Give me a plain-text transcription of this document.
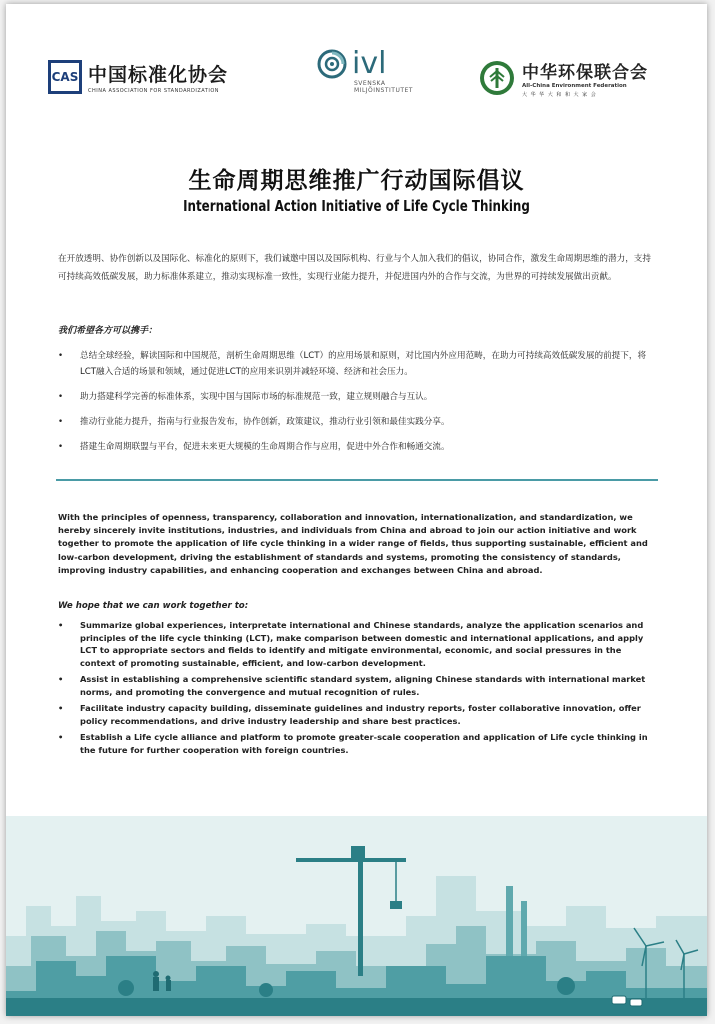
CAS 中国标准化协会
CHINA ASSOCIATION FOR STANDARDIZATION
ivl
SVENSKA
MILJÖINSTITUTET
中华环保联合会
All-China Environment Federation
大 华 华 大 和 和 大 家 会
生命周期思维推广行动国际倡议
International Action Initiative of Life Cycle Thinking
在开放透明、协作创新以及国际化、标准化的原则下，我们诚邀中国以及国际机构、行业与个人加入我们的倡议，协同合作，激发生命周期思维的潜力，支持可持续高效低碳发展，助力标准体系建立，推动实现标准一致性，实现行业能力提升，并促进国内外的合作与交流，为世界的可持续发展做出贡献。
我们希望各方可以携手：
• 总结全球经验，解读国际和中国规范，剖析生命周期思维（LCT）的应用场景和原则，对比国内外应用范畴，在助力可持续高效低碳发展的前提下，将LCT融入合适的场景和领域，通过促进LCT的应用来识别并减轻环境、经济和社会压力。
• 助力搭建科学完善的标准体系，实现中国与国际市场的标准规范一致，建立规则融合与互认。
• 推动行业能力提升，指南与行业报告发布，协作创新，政策建议，推动行业引领和最佳实践分享。
• 搭建生命周期联盟与平台，促进未来更大规模的生命周期合作与应用，促进中外合作和畅通交流。
With the principles of openness, transparency, collaboration and innovation, internationalization, and standardization, we hereby sincerely invite institutions, industries, and individuals from China and abroad to join our action initiative and work together to promote the application of life cycle thinking in a wider range of fields, thus supporting sustainable, efficient and low-carbon development, driving the establishment of standards and systems, promoting the consistency of standards, improving industry capabilities, and enhancing cooperation and exchanges between China and abroad.
We hope that we can work together to:
• Summarize global experiences, interpretate international and Chinese standards, analyze the application scenarios and principles of the life cycle thinking (LCT), make comparison between domestic and international applications, and apply LCT to appropriate sectors and fields to identify and mitigate environmental, economic, and social pressures in the context of promoting sustainable, efficient, and low-carbon development.
• Assist in establishing a comprehensive scientific standard system, aligning Chinese standards with international market norms, and promoting the convergence and mutual recognition of rules.
• Facilitate industry capacity building, disseminate guidelines and industry reports, foster collaborative innovation, offer policy recommendations, and drive industry leadership and share best practices.
• Establish a Life cycle alliance and platform to promote greater-scale cooperation and application of Life cycle thinking in the future for further cooperation with foreign countries.
